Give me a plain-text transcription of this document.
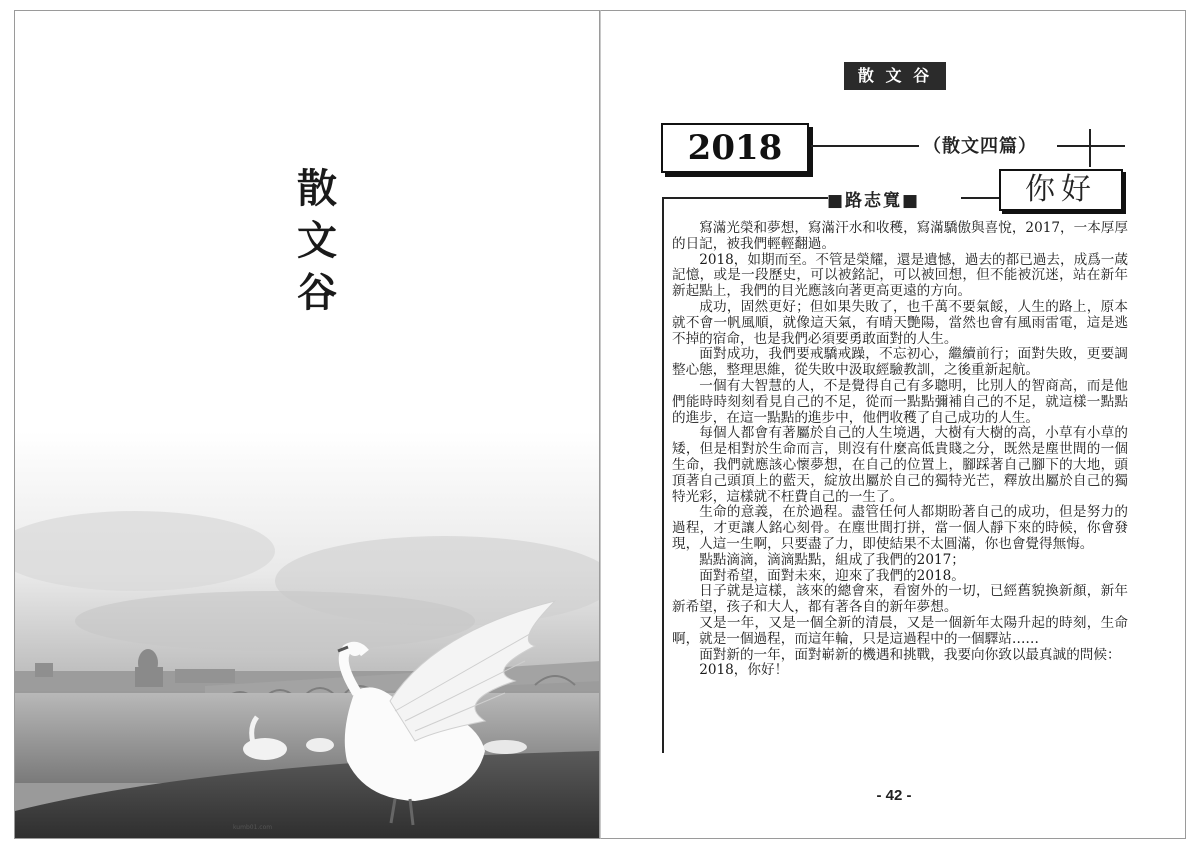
散
文
谷
kumb01.com
散 文 谷
2018	（散文四篇）
■路志寬■	你好

寫滿光榮和夢想，寫滿汗水和收穫，寫滿驕傲與喜悅，2017，一本厚厚的日記，被我們輕輕翻過。

2018，如期而至。不管是榮耀，還是遺憾，過去的都已過去，成爲一葴記憶，或是一段歷史，可以被銘記，可以被回想，但不能被沉迷，站在新年新起點上，我們的目光應該向著更高更遠的方向。

成功，固然更好；但如果失敗了，也千萬不要氣餒，人生的路上，原本就不會一帆風順，就像這天氣，有晴天艷陽，當然也會有風雨雷電，這是逃不掉的宿命，也是我們必須要勇敢面對的人生。

面對成功，我們要戒驕戒躁，不忘初心，繼續前行；面對失敗，更要調整心態，整理思維，從失敗中汲取經驗教訓，之後重新起航。

一個有大智慧的人，不是覺得自己有多聰明，比別人的智商高，而是他們能時時刻刻看見自己的不足，從而一點點彌補自己的不足，就這樣一點點的進步，在這一點點的進步中，他們收穫了自己成功的人生。

每個人都會有著屬於自己的人生境遇，大樹有大樹的高，小草有小草的矮，但是相對於生命而言，則沒有什麼高低貴賤之分，既然是塵世間的一個生命，我們就應該心懷夢想，在自己的位置上，腳踩著自己腳下的大地，頭頂著自己頭頂上的藍天，綻放出屬於自己的獨特光芒，釋放出屬於自己的獨特光彩，這樣就不枉費自己的一生了。

生命的意義，在於過程。盡管任何人都期盼著自己的成功，但是努力的過程，才更讓人銘心刻骨。在塵世間打拼，當一個人靜下來的時候，你會發現，人這一生啊，只要盡了力，即使結果不太圓滿，你也會覺得無悔。

點點滴滴，滴滴點點，組成了我們的2017；

面對希望，面對未來，迎來了我們的2018。

日子就是這樣，該來的總會來，看窗外的一切，已經舊貌換新顏，新年新希望，孩子和大人，都有著各自的新年夢想。

又是一年，又是一個全新的清晨，又是一個新年太陽升起的時刻，生命啊，就是一個過程，而這年輪，只是這過程中的一個驛站……

面對新的一年，面對嶄新的機遇和挑戰，我要向你致以最真誠的問候：

2018，你好！

- 42 -
